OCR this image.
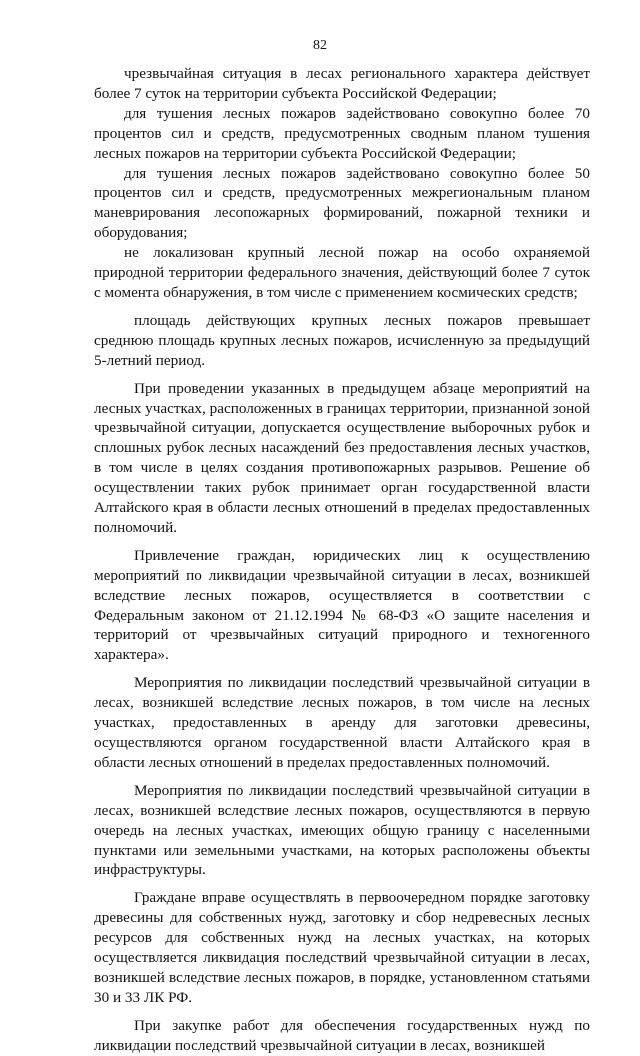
82

чрезвычайная ситуация в лесах регионального характера действует более 7 суток на территории субъекта Российской Федерации;

для тушения лесных пожаров задействовано совокупно более 70 процентов сил и средств, предусмотренных сводным планом тушения лесных пожаров на территории субъекта Российской Федерации;

для тушения лесных пожаров задействовано совокупно более 50 процентов сил и средств, предусмотренных межрегиональным планом маневрирования лесопожарных формирований, пожарной техники и оборудования;

не локализован крупный лесной пожар на особо охраняемой природной территории федерального значения, действующий более 7 суток с момента обнаружения, в том числе с применением космических средств;

площадь действующих крупных лесных пожаров превышает среднюю площадь крупных лесных пожаров, исчисленную за предыдущий 5-летний период.

При проведении указанных в предыдущем абзаце мероприятий на лесных участках, расположенных в границах территории, признанной зоной чрезвычайной ситуации, допускается осуществление выборочных рубок и сплошных рубок лесных насаждений без предоставления лесных участков, в том числе в целях создания противопожарных разрывов. Решение об осуществлении таких рубок принимает орган государственной власти Алтайского края в области лесных отношений в пределах предоставленных полномочий.

Привлечение граждан, юридических лиц к осуществлению мероприятий по ликвидации чрезвычайной ситуации в лесах, возникшей вследствие лесных пожаров, осуществляется в соответствии с Федеральным законом от 21.12.1994 № 68-ФЗ «О защите населения и территорий от чрезвычайных ситуаций природного и техногенного характера».

Мероприятия по ликвидации последствий чрезвычайной ситуации в лесах, возникшей вследствие лесных пожаров, в том числе на лесных участках, предоставленных в аренду для заготовки древесины, осуществляются органом государственной власти Алтайского края в области лесных отношений в пределах предоставленных полномочий.

Мероприятия по ликвидации последствий чрезвычайной ситуации в лесах, возникшей вследствие лесных пожаров, осуществляются в первую очередь на лесных участках, имеющих общую границу с населенными пунктами или земельными участками, на которых расположены объекты инфраструктуры.

Граждане вправе осуществлять в первоочередном порядке заготовку древесины для собственных нужд, заготовку и сбор недревесных лесных ресурсов для собственных нужд на лесных участках, на которых осуществляется ликвидация последствий чрезвычайной ситуации в лесах, возникшей вследствие лесных пожаров, в порядке, установленном статьями 30 и 33 ЛК РФ.

При закупке работ для обеспечения государственных нужд по ликвидации последствий чрезвычайной ситуации в лесах, возникшей
